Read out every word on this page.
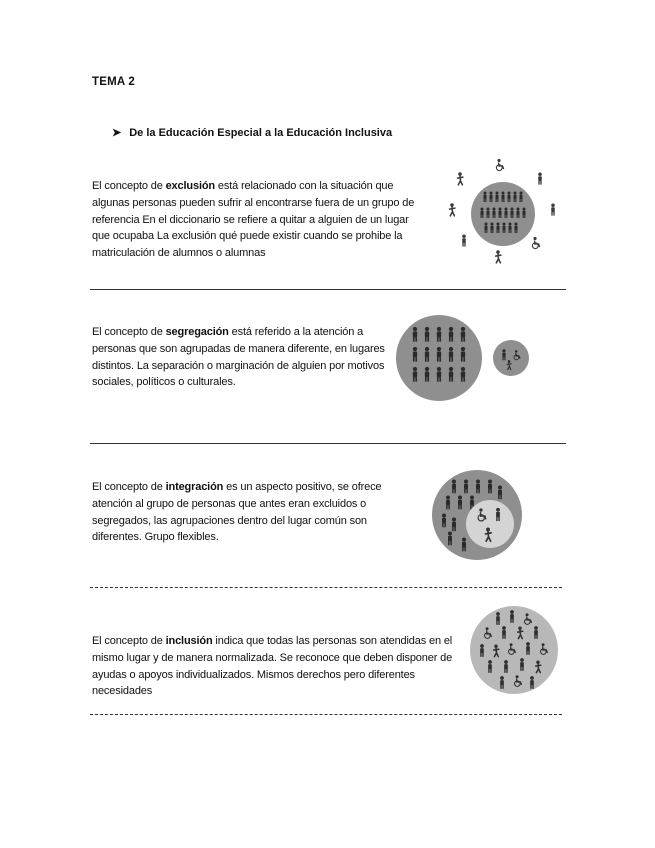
TEMA 2
➤ De la Educación Especial a la Educación Inclusiva
El concepto de exclusión está relacionado con la situación que algunas personas pueden sufrir al encontrarse fuera de un grupo de referencia En el diccionario se refiere a quitar a alguien de un lugar que ocupaba La exclusión qué puede existir cuando se prohibe la matriculación de alumnos o alumnas
El concepto de segregación está referido a la atención a personas que son agrupadas de manera diferente, en lugares distintos. La separación o marginación de alguien por motivos sociales, políticos o culturales.
El concepto de integración es un aspecto positivo, se ofrece atención al grupo de personas que antes eran excluidos o segregados, las agrupaciones dentro del lugar común son diferentes. Grupo flexibles.
El concepto de inclusión indica que todas las personas son atendidas en el mismo lugar y de manera normalizada. Se reconoce que deben disponer de ayudas o apoyos individualizados. Mismos derechos pero diferentes necesidades
